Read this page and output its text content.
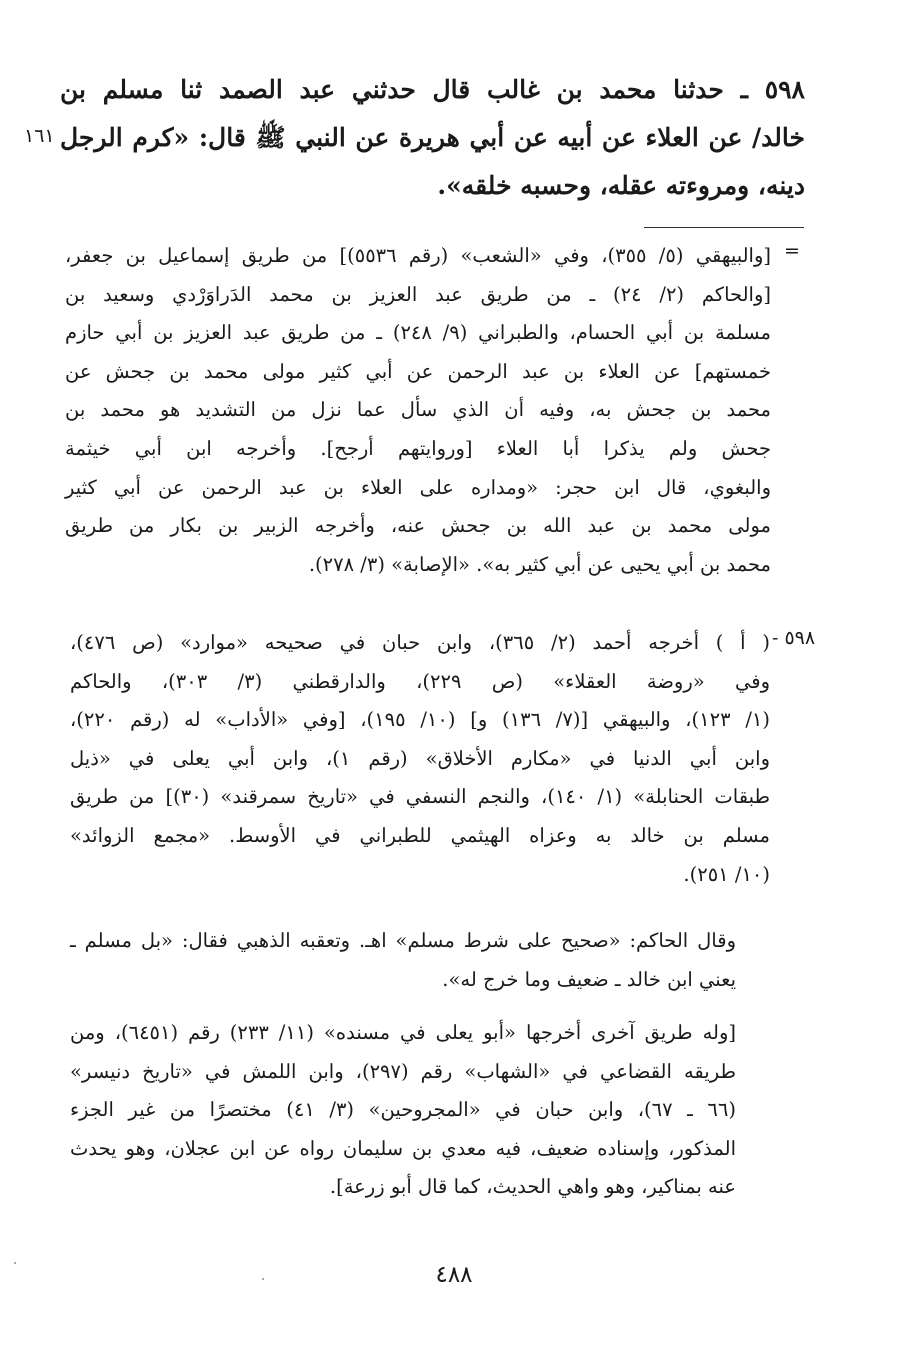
٥٩٨ ـ حدثنا محمد بن غالب قال حدثني عبد الصمد ثنا مسلم بن
خالد/ عن العلاء عن أبيه عن أبي هريرة عن النبي ﷺ قال: «كرم الرجل
دينه، ومروءته عقله، وحسبه خلقه».
١٦١
=
[والبيهقي (٥/ ٣٥٥)، وفي «الشعب» (رقم ٥٥٣٦)] من طريق إسماعيل بن جعفر،
[والحاكم (٢/ ٢٤) ـ من طريق عبد العزيز بن محمد الدَراوَرْدي وسعيد بن
مسلمة بن أبي الحسام، والطبراني (٩/ ٢٤٨) ـ من طريق عبد العزيز بن أبي حازم
خمستهم] عن العلاء بن عبد الرحمن عن أبي كثير مولى محمد بن جحش عن
محمد بن جحش به، وفيه أن الذي سأل عما نزل من التشديد هو محمد بن
جحش ولم يذكرا أبا العلاء [وروايتهم أرجح]. وأخرجه ابن أبي خيثمة
والبغوي، قال ابن حجر: «ومداره على العلاء بن عبد الرحمن عن أبي كثير
مولى محمد بن عبد الله بن جحش عنه، وأخرجه الزبير بن بكار من طريق
محمد بن أبي يحيى عن أبي كثير به». «الإصابة» (٣/ ٢٧٨).
٥٩٨ -
( أ ) أخرجه أحمد (٢/ ٣٦٥)، وابن حبان في صحيحه «موارد» (ص ٤٧٦)،
وفي «روضة العقلاء» (ص ٢٢٩)، والدارقطني (٣/ ٣٠٣)، والحاكم
(١/ ١٢٣)، والبيهقي [(٧/ ١٣٦) و] (١٠/ ١٩٥)، [وفي «الأداب» له (رقم ٢٢٠)،
وابن أبي الدنيا في «مكارم الأخلاق» (رقم ١)، وابن أبي يعلى في «ذيل
طبقات الحنابلة» (١/ ١٤٠)، والنجم النسفي في «تاريخ سمرقند» (٣٠)] من طريق
مسلم بن خالد به وعزاه الهيثمي للطبراني في الأوسط. «مجمع الزوائد»
(١٠/ ٢٥١).
وقال الحاكم: «صحيح على شرط مسلم» اهـ. وتعقبه الذهبي فقال: «بل مسلم ـ
يعني ابن خالد ـ ضعيف وما خرج له».
[وله طريق آخرى أخرجها «أبو يعلى في مسنده» (١١/ ٢٣٣) رقم (٦٤٥١)، ومن
طريقه القضاعي في «الشهاب» رقم (٢٩٧)، وابن اللمش في «تاريخ دنيسر»
(٦٦ ـ ٦٧)، وابن حبان في «المجروحين» (٣/ ٤١) مختصرًا من غير الجزء
المذكور، وإسناده ضعيف، فيه معدي بن سليمان رواه عن ابن عجلان، وهو يحدث
عنه بمناكير، وهو واهي الحديث، كما قال أبو زرعة].
٤٨٨
